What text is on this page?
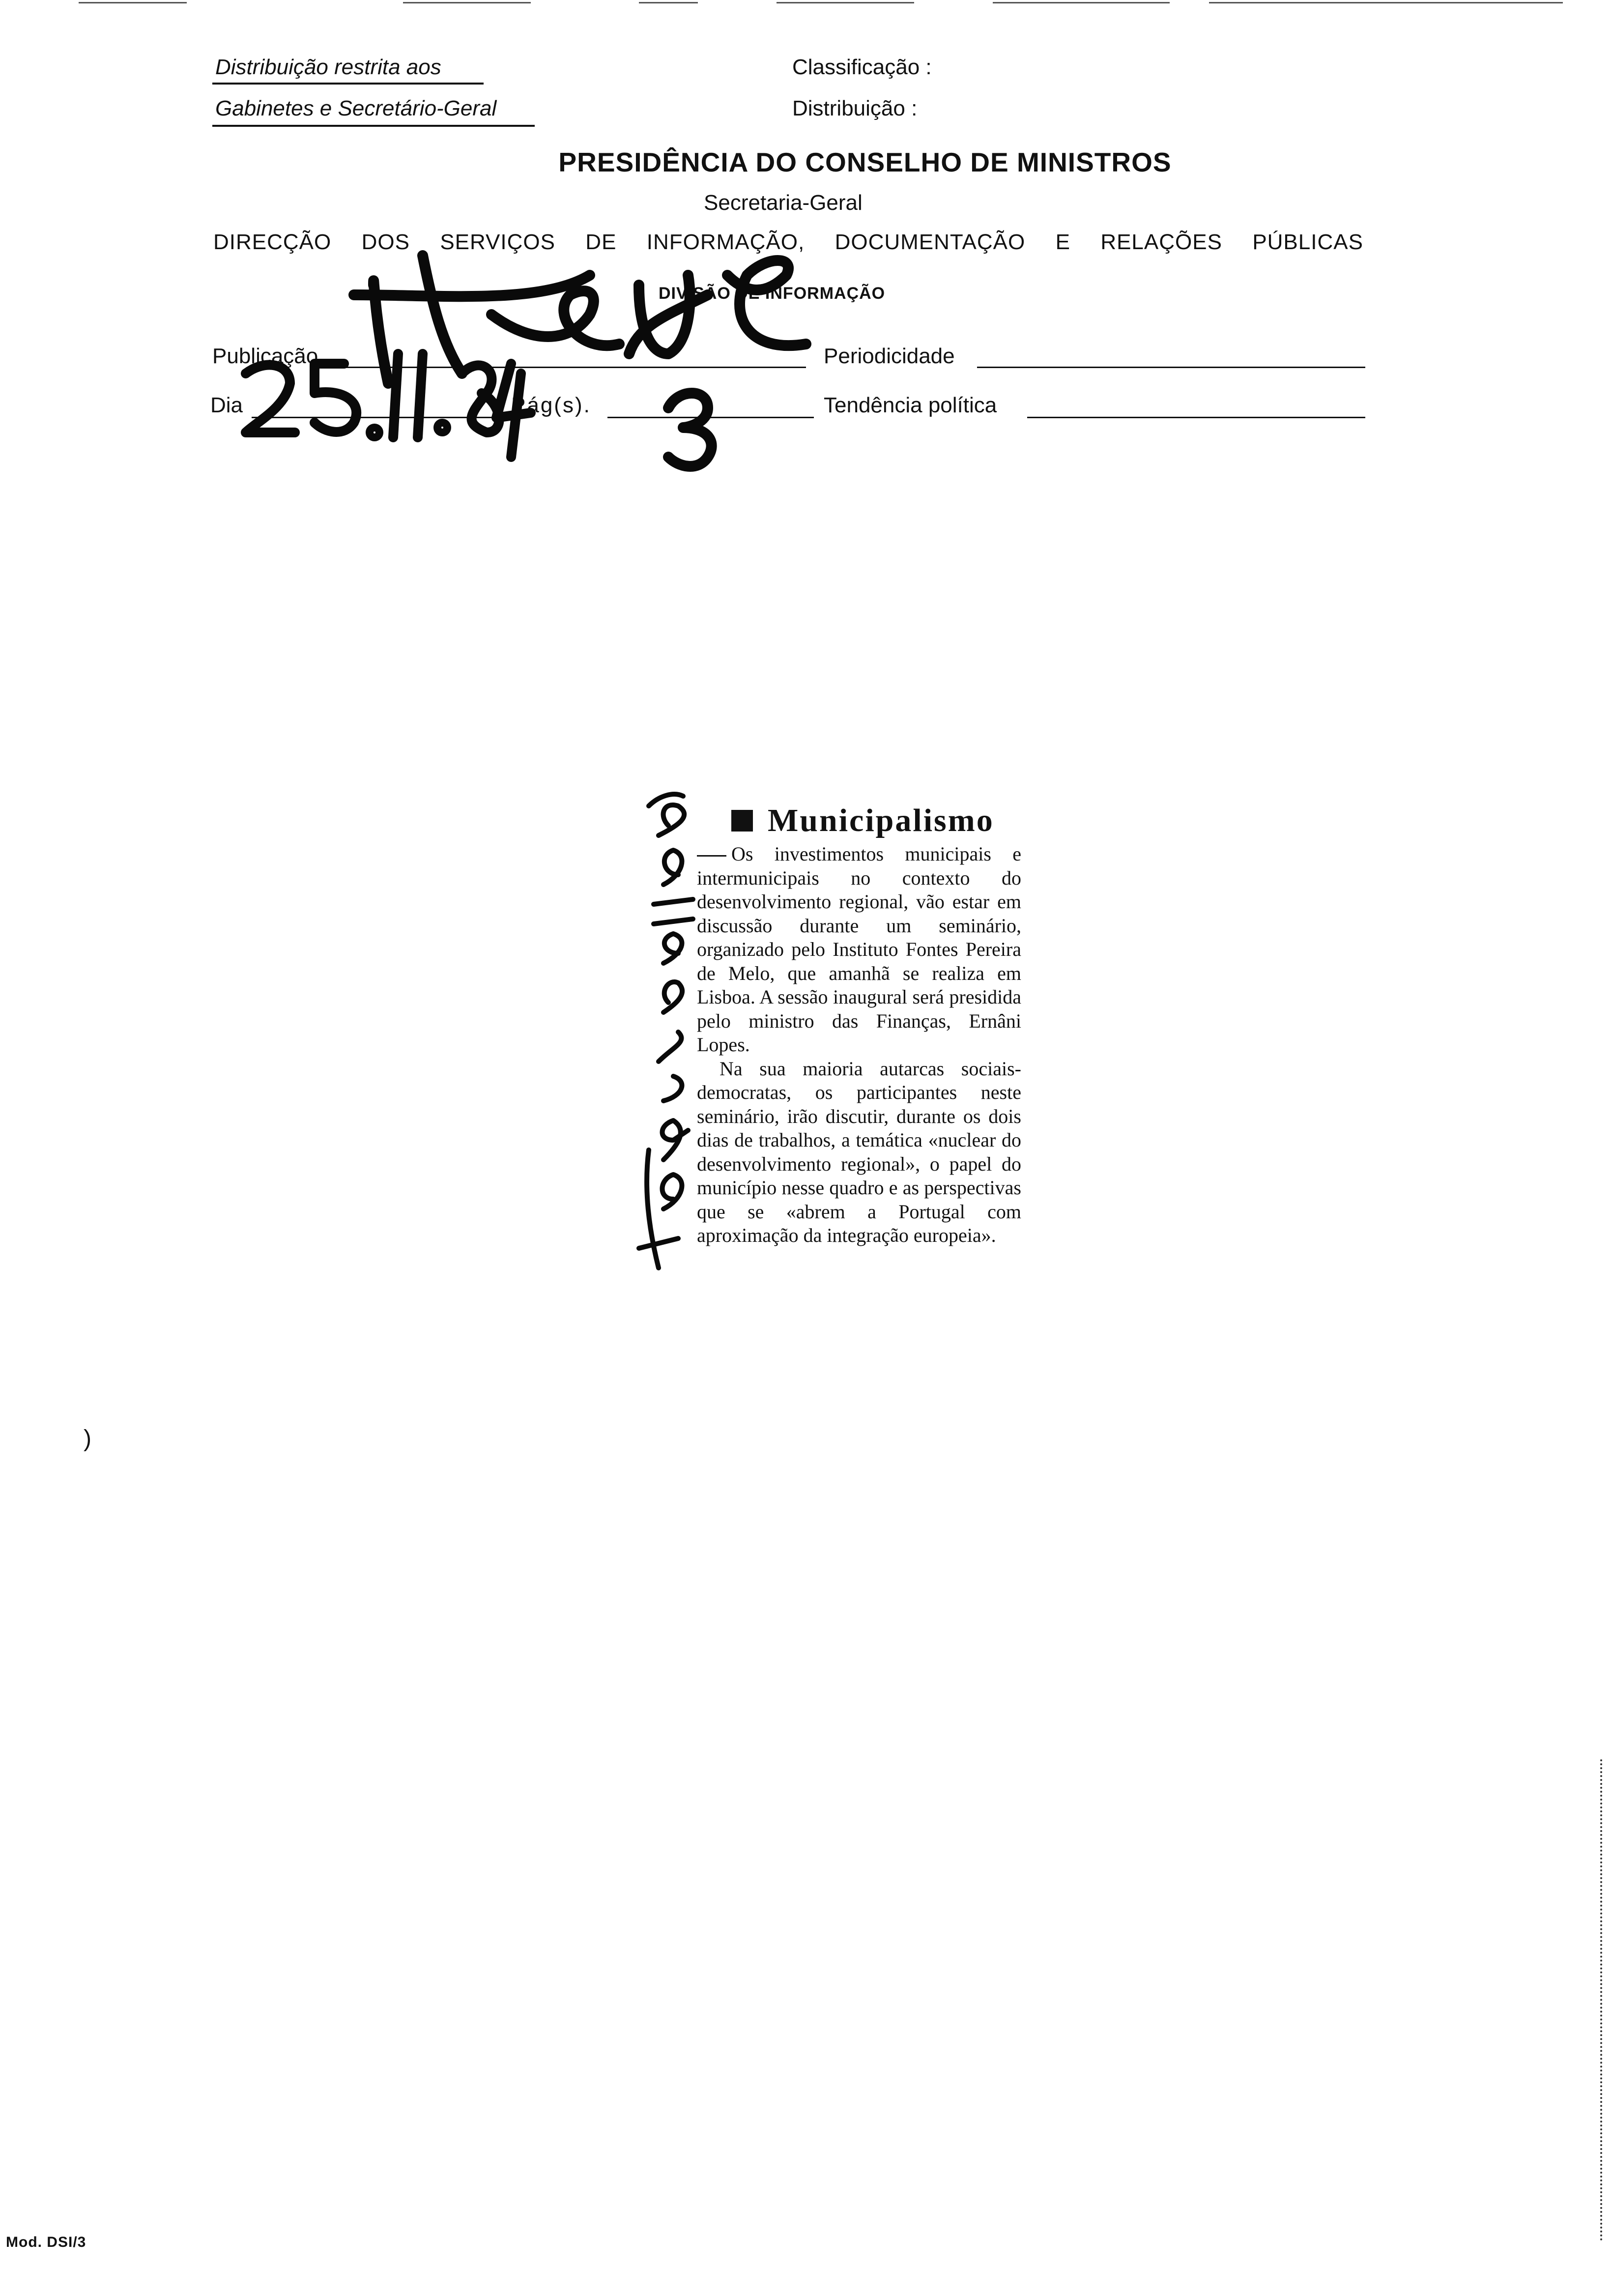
Distribuição restrita aos
Gabinetes e Secretário-Geral
Classificação :
Distribuição :
PRESIDÊNCIA DO CONSELHO DE MINISTROS
Secretaria-Geral
DIRECÇÃO DOS SERVIÇOS DE INFORMAÇÃO, DOCUMENTAÇÃO E RELAÇÕES PÚBLICAS
DIVISÃO DE INFORMAÇÃO
Publicação	Periodicidade
Dia	Pág(s).	Tendência política
Municipalismo

Os investimentos municipais e intermunicipais no contexto do desenvolvimento regional, vão estar em discussão durante um seminário, organizado pelo Instituto Fontes Pereira de Melo, que amanhã se realiza em Lisboa. A sessão inaugural será presidida pelo ministro das Finanças, Ernâni Lopes.

Na sua maioria autarcas sociais-democratas, os participantes neste seminário, irão discutir, durante os dois dias de trabalhos, a temática «nuclear do desenvolvimento regional», o papel do município nesse quadro e as perspectivas que se «abrem a Portugal com aproximação da integração europeia».

)
Mod. DSI/3
